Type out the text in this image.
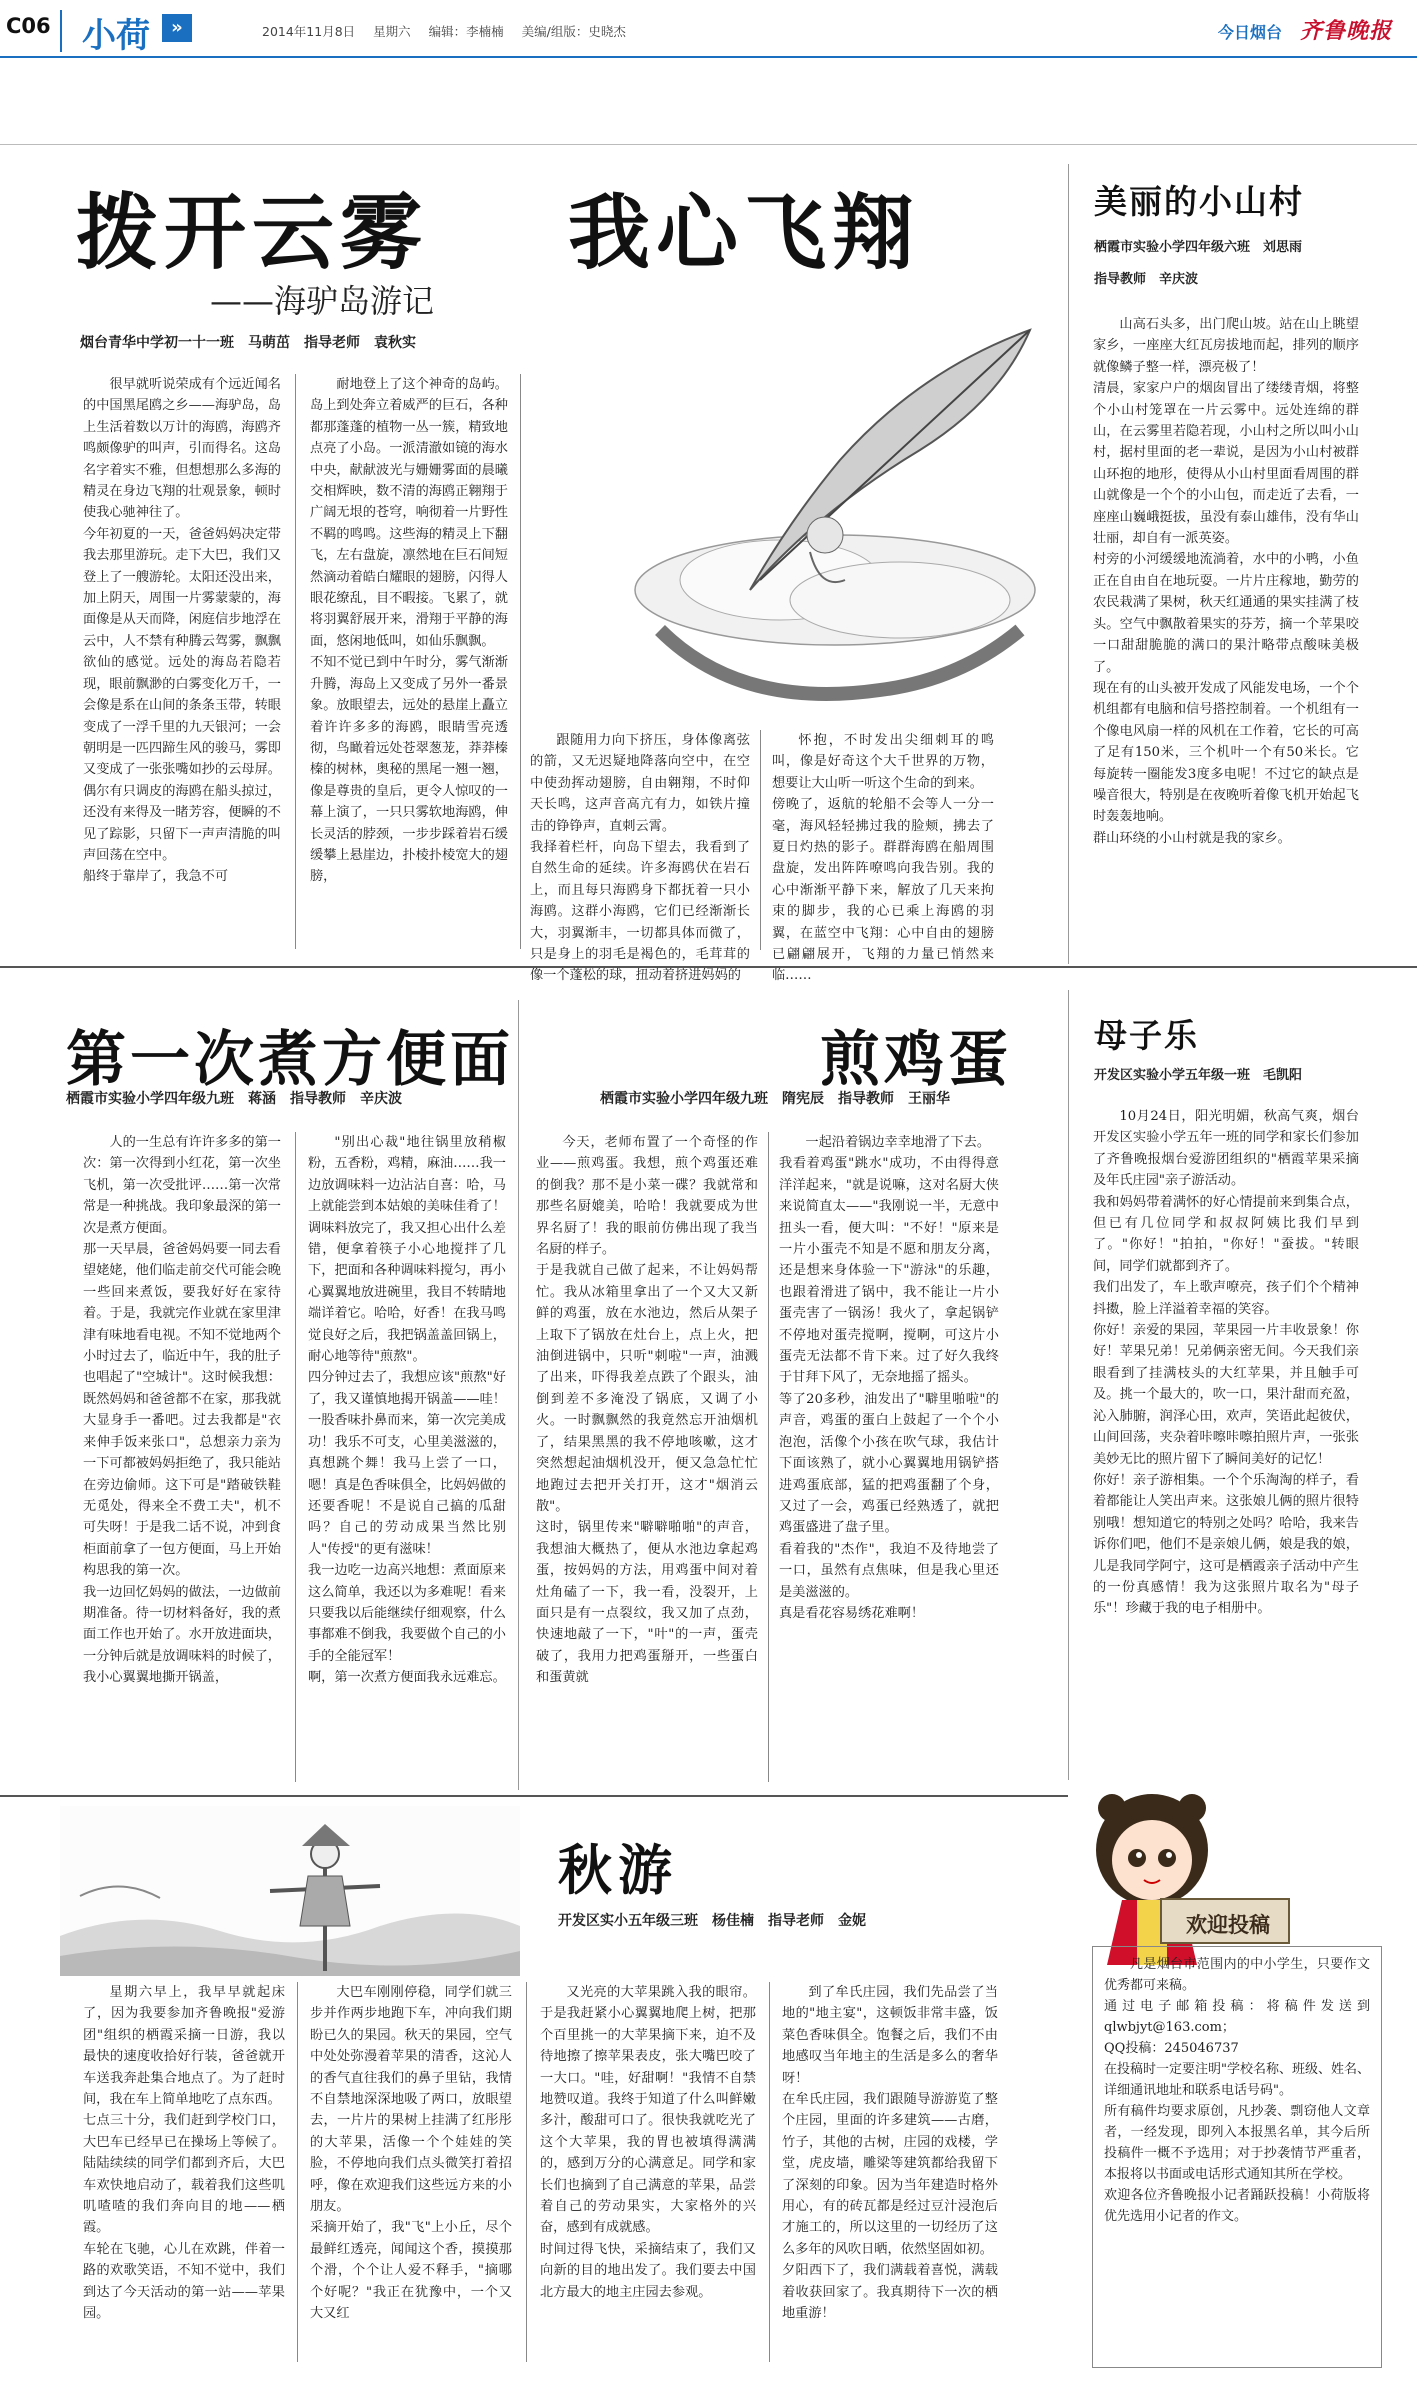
C06 小荷	»	2014年11月8日 星期六 编辑：李楠楠 美编/组版：史晓杰	今日烟台 齐鲁晚报
拨开云雾 我心飞翔
——海驴岛游记
烟台青华中学初一十一班　马萌茁　指导老师　袁秋实
很早就听说荣成有个远近闻名的中国黑尾鸥之乡——海驴岛，岛上生活着数以万计的海鸥，海鸥齐鸣颇像驴的叫声，引而得名。这岛名字着实不雅，但想想那么多海的精灵在身边飞翔的壮观景象，顿时使我心驰神往了。
今年初夏的一天，爸爸妈妈决定带我去那里游玩。走下大巴，我们又登上了一艘游轮。太阳还没出来，加上阴天，周围一片雾蒙蒙的，海面像是从天而降，闲庭信步地浮在云中，人不禁有种腾云驾雾，飘飘欲仙的感觉。远处的海岛若隐若现，眼前飘渺的白雾变化万千，一会像是系在山间的条条玉带，转眼变成了一浮千里的九天银河；一会朝明是一匹四蹄生风的骏马，雾即又变成了一张张嘴如抄的云母屏。偶尔有只调皮的海鸥在船头掠过，还没有来得及一睹芳容，便瞬的不见了踪影，只留下一声声清脆的叫声回荡在空中。
船终于靠岸了，我急不可
耐地登上了这个神奇的岛屿。岛上到处奔立着威严的巨石，各种都那蓬蓬的植物一丛一簇，精致地点亮了小岛。一派清澈如镜的海水中央，献献波光与姗姗雾面的晨曦交相辉映，数不清的海鸥正翱翔于广阔无垠的苍穹，响彻着一片野性不羁的鸣鸣。这些海的精灵上下翻飞，左右盘旋，凛然地在巨石间短然滴动着皓白耀眼的翅膀，闪得人眼花缭乱，目不暇接。飞累了，就将羽翼舒展开来，滑翔于平静的海面，悠闲地低叫，如仙乐飘飘。
不知不觉已到中午时分，雾气渐渐升腾，海岛上又变成了另外一番景象。放眼望去，远处的悬崖上矗立着许许多多的海鸥，眼睛雪亮透彻，鸟瞰着远处苍翠葱茏，莽莽榛榛的树林，奥秘的黑尾一翘一翘，像是尊贵的皇后，更令人惊叹的一幕上演了，一只只雾软地海鸥，伸长灵活的脖颈，一步步踩着岩石缓缓攀上悬崖边，扑棱扑棱宽大的翅膀，
跟随用力向下挤压，身体像离弦的箭，又无迟疑地降落向空中，在空中使劲挥动翅膀，自由翱翔，不时仰天长鸣，这声音高亢有力，如铁片撞击的铮铮声，直刺云霄。
我择着栏杆，向岛下望去，我看到了自然生命的延续。许多海鸥伏在岩石上，而且每只海鸥身下都抚着一只小海鸥。这群小海鸥，它们已经渐渐长大，羽翼渐丰，一切都具体而微了，只是身上的羽毛是褐色的，毛茸茸的像一个蓬松的球，扭动着挤进妈妈的
怀抱，不时发出尖细刺耳的鸣叫，像是好奇这个大千世界的万物，想要让大山听一听这个生命的到来。
傍晚了，返航的轮船不会等人一分一毫，海风轻轻拂过我的脸颊，拂去了夏日灼热的影子。群群海鸥在船周围盘旋，发出阵阵嘹鸣向我告别。我的心中渐渐平静下来，解放了几天来拘束的脚步，我的心已乘上海鸥的羽翼，在蓝空中飞翔：心中自由的翅膀已翩翩展开，飞翔的力量已悄然来临……
美丽的小山村
栖霞市实验小学四年级六班　刘思雨
指导教师　辛庆波
山高石头多，出门爬山坡。站在山上眺望家乡，一座座大红瓦房拔地而起，排列的顺序就像鳞子整一样，漂亮极了！
清晨，家家户户的烟囱冒出了缕缕青烟，将整个小山村笼罩在一片云雾中。远处连绵的群山，在云雾里若隐若现，小山村之所以叫小山村，据村里面的老一辈说，是因为小山村被群山环抱的地形，使得从小山村里面看周围的群山就像是一个个的小山包，而走近了去看，一座座山巍峨挺拔，虽没有泰山雄伟，没有华山壮丽，却自有一派英姿。
村旁的小河缓缓地流淌着，水中的小鸭，小鱼正在自由自在地玩耍。一片片庄稼地，勤劳的农民栽满了果树，秋天红通通的果实挂满了枝头。空气中飘散着果实的芬芳，摘一个苹果咬一口甜甜脆脆的满口的果汁略带点酸味美极了。
现在有的山头被开发成了风能发电场，一个个机组都有电脑和信号搭控制着。一个机组有一个像电风扇一样的风机在工作着，它长的可高了足有150米，三个机叶一个有50米长。它每旋转一圈能发3度多电呢！不过它的缺点是噪音很大，特别是在夜晚听着像飞机开始起飞时轰轰地响。
群山环绕的小山村就是我的家乡。
第一次煮方便面
栖霞市实验小学四年级九班　蒋涵　指导教师　辛庆波
人的一生总有许许多多的第一次：第一次得到小红花，第一次坐飞机，第一次受批评……第一次常常是一种挑战。我印象最深的第一次是煮方便面。
那一天早晨，爸爸妈妈要一同去看望姥姥，他们临走前交代可能会晚一些回来煮饭，要我好好在家待着。于是，我就完作业就在家里津津有味地看电视。不知不觉地两个小时过去了，临近中午，我的肚子也唱起了"空城计"。这时候我想：既然妈妈和爸爸都不在家，那我就大显身手一番吧。过去我都是"衣来伸手饭来张口"，总想亲力亲为一下可都被妈妈拒绝了，我只能站在旁边偷师。这下可是"踏破铁鞋无觅处，得来全不费工夫"，机不可失呀！于是我二话不说，冲到食柜面前拿了一包方便面，马上开始构思我的第一次。
我一边回忆妈妈的做法，一边做前期准备。待一切材料备好，我的煮面工作也开始了。水开放进面块，一分钟后就是放调味料的时候了，我小心翼翼地撕开锅盖，
"别出心裁"地往锅里放稍椒粉，五香粉，鸡精，麻油……我一边放调味料一边沾沾自喜：哈，马上就能尝到本姑娘的美味佳肴了！
调味料放完了，我又担心出什么差错，便拿着筷子小心地搅拌了几下，把面和各种调味料搅匀，再小心翼翼地放进碗里，我目不转睛地端详着它。哈哈，好香！在我马鸣觉良好之后，我把锅盖盖回锅上，耐心地等待"煎熬"。
四分钟过去了，我想应该"煎熬"好了，我又谨慎地揭开锅盖——哇！一股香味扑鼻而来，第一次完美成功！我乐不可支，心里美滋滋的，真想跳个舞！我马上尝了一口，嗯！真是色香味俱全，比妈妈做的还要香呢！不是说自己搞的瓜甜吗？自己的劳动成果当然比别人"传授"的更有滋味！
我一边吃一边高兴地想：煮面原来这么简单，我还以为多难呢！看来只要我以后能继续仔细观察，什么事都难不倒我，我要做个自己的小手的全能冠军！
啊，第一次煮方便面我永远难忘。
煎鸡蛋
栖霞市实验小学四年级九班　隋宪辰　指导教师　王丽华
今天，老师布置了一个奇怪的作业——煎鸡蛋。我想，煎个鸡蛋还难的倒我？那不是小菜一碟？我就常和那些名厨媲美，哈哈！我就要成为世界名厨了！我的眼前仿佛出现了我当名厨的样子。
于是我就自己做了起来，不让妈妈帮忙。我从冰箱里拿出了一个又大又新鲜的鸡蛋，放在水池边，然后从架子上取下了锅放在灶台上，点上火，把油倒进锅中，只听"刺啦"一声，油溅了出来，吓得我差点跌了个跟头，油倒到差不多淹没了锅底，又调了小火。一时飘飘然的我竟然忘开油烟机了，结果黑黑的我不停地咳嗽，这才突然想起油烟机没开，便又急急忙忙地跑过去把开关打开，这才"烟消云散"。
这时，锅里传来"噼噼啪啪"的声音，我想油大概热了，便从水池边拿起鸡蛋，按妈妈的方法，用鸡蛋中间对着灶角磕了一下，我一看，没裂开，上面只是有一点裂纹，我又加了点劲，快速地敲了一下，"叶"的一声，蛋壳破了，我用力把鸡蛋掰开，一些蛋白和蛋黄就
一起沿着锅边幸幸地滑了下去。
我看着鸡蛋"跳水"成功，不由得得意洋洋起来，"就是说嘛，这对名厨大侠来说简直太——"我刚说一半，无意中扭头一看，便大叫："不好！"原来是一片小蛋壳不知是不愿和朋友分离，还是想来身体验一下"游泳"的乐趣，也跟着滑进了锅中，我不能让一片小蛋壳害了一锅汤！我火了，拿起锅铲不停地对蛋壳搅啊，搅啊，可这片小蛋壳无法都不肯下来。过了好久我终于甘拜下风了，无奈地摇了摇头。
等了20多秒，油发出了"噼里啪啦"的声音，鸡蛋的蛋白上鼓起了一个个小泡泡，活像个小孩在吹气球，我估计下面该熟了，就小心翼翼地用锅铲搭进鸡蛋底部，猛的把鸡蛋翻了个身，又过了一会，鸡蛋已经熟透了，就把鸡蛋盛进了盘子里。
看着我的"杰作"，我迫不及待地尝了一口，虽然有点焦味，但是我心里还是美滋滋的。
真是看花容易绣花难啊！
母子乐
开发区实验小学五年级一班　毛凯阳
10月24日，阳光明媚，秋高气爽，烟台开发区实验小学五年一班的同学和家长们参加了齐鲁晚报烟台爱游团组织的"栖霞苹果采摘及年氏庄园"亲子游活动。
我和妈妈带着满怀的好心情提前来到集合点，但已有几位同学和叔叔阿姨比我们早到了。"你好！"拍拍，"你好！"蚕拔。"转眼间，同学们就都到齐了。
我们出发了，车上歌声嘹亮，孩子们个个精神抖擞，脸上洋溢着幸福的笑容。
你好！亲爱的果园，苹果园一片丰收景象！你好！苹果兄弟！兄弟俩亲密无间。今天我们亲眼看到了挂满枝头的大红苹果，并且触手可及。挑一个最大的，吹一口，果汁甜而充盈，沁入肺腑，润泽心田，欢声，笑语此起彼伏，山间回荡，夹杂着咔嚓咔嚓拍照片声，一张张美妙无比的照片留下了瞬间美好的记忆！
你好！亲子游相集。一个个乐淘淘的样子，看着都能让人笑出声来。这张娘儿俩的照片很特别哦！想知道它的特别之处吗？哈哈，我来告诉你们吧，他们不是亲娘儿俩，娘是我的娘，儿是我同学阿宁，这可是栖霞亲子活动中产生的一份真感情！我为这张照片取名为"母子乐"！珍藏于我的电子相册中。
秋游
开发区实小五年级三班　杨佳楠　指导老师　金妮
星期六早上，我早早就起床了，因为我要参加齐鲁晚报"爱游团"组织的栖霞采摘一日游，我以最快的速度收拾好行装，爸爸就开车送我奔赴集合地点了。为了赶时间，我在车上简单地吃了点东西。
七点三十分，我们赶到学校门口，大巴车已经早已在操场上等候了。陆陆续续的同学们都到齐后，大巴车欢快地启动了，载着我们这些叽叽喳喳的我们奔向目的地——栖霞。
车轮在飞驰，心儿在欢跳，伴着一路的欢歌笑语，不知不觉中，我们到达了今天活动的第一站——苹果园。
大巴车刚刚停稳，同学们就三步并作两步地跑下车，冲向我们期盼已久的果园。秋天的果园，空气中处处弥漫着苹果的清香，这沁人的香气直往我们的鼻子里钻，我情不自禁地深深地吸了两口，放眼望去，一片片的果树上挂满了红彤彤的大苹果，活像一个个娃娃的笑脸，不停地向我们点头微笑打着招呼，像在欢迎我们这些远方来的小朋友。
采摘开始了，我"飞"上小丘，尽个最鲜红透亮，闻闻这个香，摸摸那个滑，个个让人爱不释手，"摘哪个好呢？"我正在犹豫中，一个又大又红
又光亮的大苹果跳入我的眼帘。于是我赶紧小心翼翼地爬上树，把那个百里挑一的大苹果摘下来，迫不及待地擦了擦苹果表皮，张大嘴巴咬了一大口。"哇，好甜啊！"我情不自禁地赞叹道。我终于知道了什么叫鲜嫩多汁，酸甜可口了。很快我就吃光了这个大苹果，我的胃也被填得满满的，感到万分的心满意足。同学和家长们也摘到了自己满意的苹果，品尝着自己的劳动果实，大家格外的兴奋，感到有成就感。
时间过得飞快，采摘结束了，我们又向新的目的地出发了。我们要去中国北方最大的地主庄园去参观。
到了牟氏庄园，我们先品尝了当地的"地主宴"，这顿饭非常丰盛，饭菜色香味俱全。饱餐之后，我们不由地感叹当年地主的生活是多么的奢华呀！
在牟氏庄园，我们跟随导游游览了整个庄园，里面的许多建筑——古磨，竹子，其他的古树，庄园的戏楼，学堂，虎皮墙，雕梁等建筑都给我留下了深刻的印象。因为当年建造时格外用心，有的砖瓦都是经过豆汁浸泡后才施工的，所以这里的一切经历了这么多年的风吹日晒，依然坚固如初。
夕阳西下了，我们满载着喜悦，满载着收获回家了。我真期待下一次的栖地重游！
欢迎投稿
凡是烟台市范围内的中小学生，只要作文优秀都可来稿。
通过电子邮箱投稿：将稿件发送到qlwbjyt@163.com；
QQ投稿：245046737
在投稿时一定要注明"学校名称、班级、姓名、详细通讯地址和联系电话号码"。
所有稿件均要求原创，凡抄袭、剽窃他人文章者，一经发现，即列入本报黑名单，其今后所投稿件一概不予选用；对于抄袭情节严重者，本报将以书面或电话形式通知其所在学校。
欢迎各位齐鲁晚报小记者踊跃投稿！小荷版将优先选用小记者的作文。
